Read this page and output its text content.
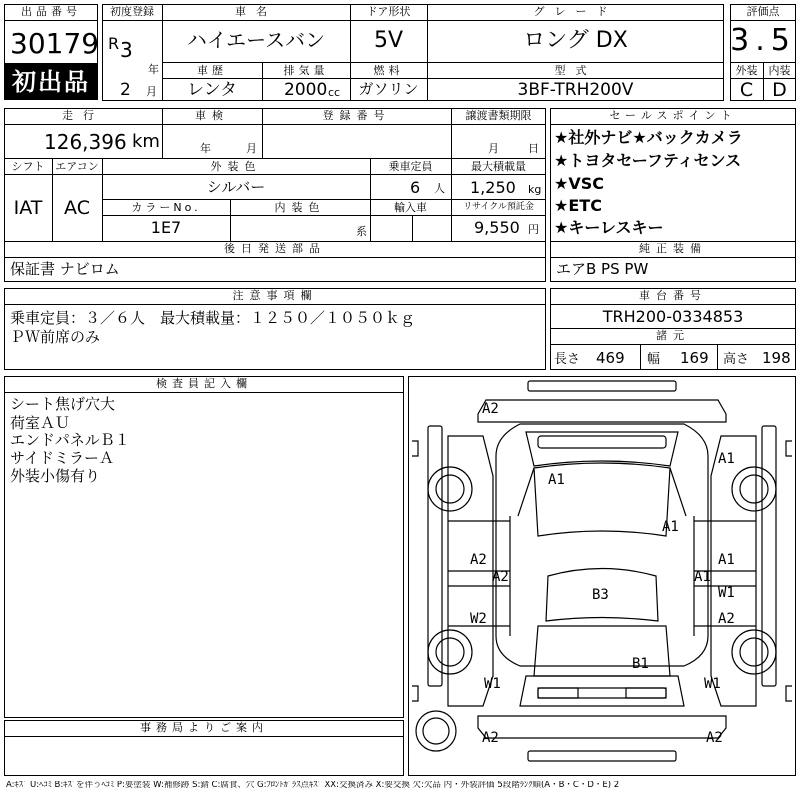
出品番号
30179
初出品
初度登録
R 3
年
2 月
車名
ハイエースバン
ドア形状
5V
グレード
ロング DX
車歴
レンタ
排気量
2000 cc
燃料
ガソリン
型式
3BF-TRH200V
評価点
3.5
外装	内装
C	D
走行
126,396 km
車検
年	月
登録番号	譲渡書類期限
月	日
シフト
IAT
エアコン
AC
外装色
シルバー
乗車定員
6 人
最大積載量
1,250 kg
カラーNo.
1E7
内装色
系
輸入車	リサイクル預託金
9,550 円
セールスポイント
★社外ナビ★バックカメラ
★トヨタセーフティセンス
★VSC
★ETC
★キーレスキー
後日発送部品
保証書 ナビロム
純正装備
エアB PS PW
注意事項欄
乗車定員：３／６人　最大積載量：１２５０／１０５０ｋｇ
ＰＷ前席のみ
車台番号
TRH200-0334853
諸元
長さ 469 幅 169 高さ 198
検査員記入欄
シート焦げ穴大
荷室ＡＵ
エンドパネルＢ１
サイドミラーＡ
外装小傷有り
事務局よりご案内
A2
A1
A1
A1
A2
A2
A1
A1
B3
W2
W1
A2
B1
W1	W1
A2	A2
A:ｷｽﾞ U:ﾍｺﾐ B:ｷｽﾞを伴うﾍｺﾐ P:要塗装 W:補修跡 S:錆 C:腐食、穴 G:ﾌﾛﾝﾄｶﾞﾗｽ点ｷｽﾞ XX:交換済み X:要交換 欠:欠品 内・外装評価 5段階ﾗﾝｸ順(A・B・C・D・E) 2
